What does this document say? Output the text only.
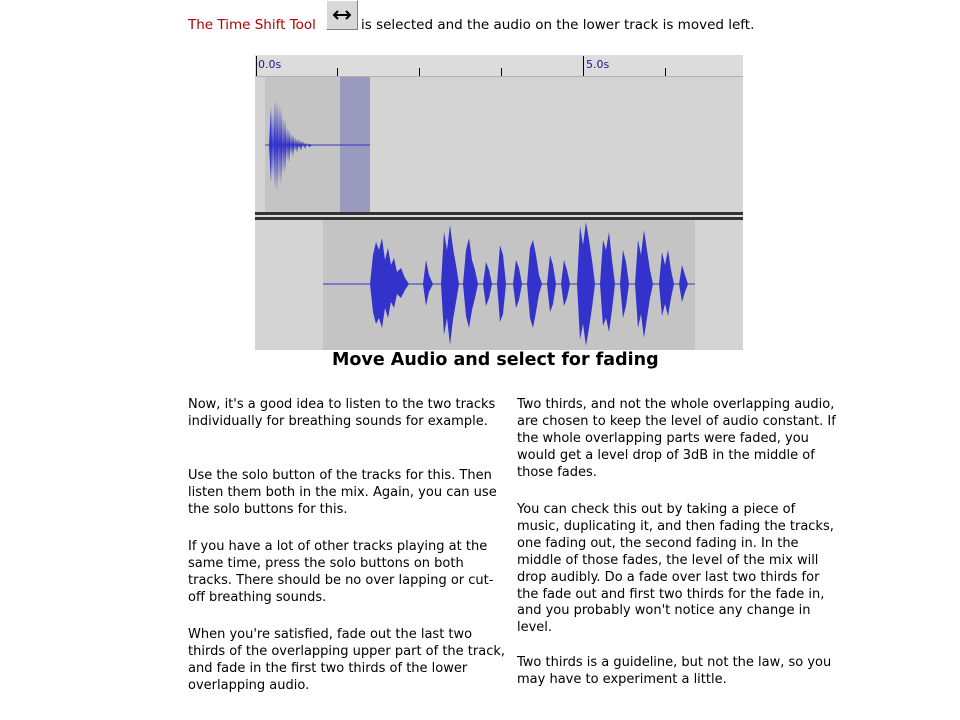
The Time Shift Tool	is selected and the audio on the lower track is moved left.
0.0s	5.0s
Move Audio and select for fading

Now, it's a good idea to listen to the two tracks individually for breathing sounds for example.

Use the solo button of the tracks for this. Then listen them both in the mix. Again, you can use the solo buttons for this.

If you have a lot of other tracks playing at the same time, press the solo buttons on both tracks. There should be no over lapping or cut-off breathing sounds.

When you're satisfied, fade out the last two thirds of the overlapping upper part of the track, and fade in the first two thirds of the lower overlapping audio.

Two thirds, and not the whole overlapping audio, are chosen to keep the level of audio constant. If the whole overlapping parts were faded, you would get a level drop of 3dB in the middle of those fades.

You can check this out by taking a piece of music, duplicating it, and then fading the tracks, one fading out, the second fading in. In the middle of those fades, the level of the mix will drop audibly. Do a fade over last two thirds for the fade out and first two thirds for the fade in, and you probably won't notice any change in level.

Two thirds is a guideline, but not the law, so you may have to experiment a little.
